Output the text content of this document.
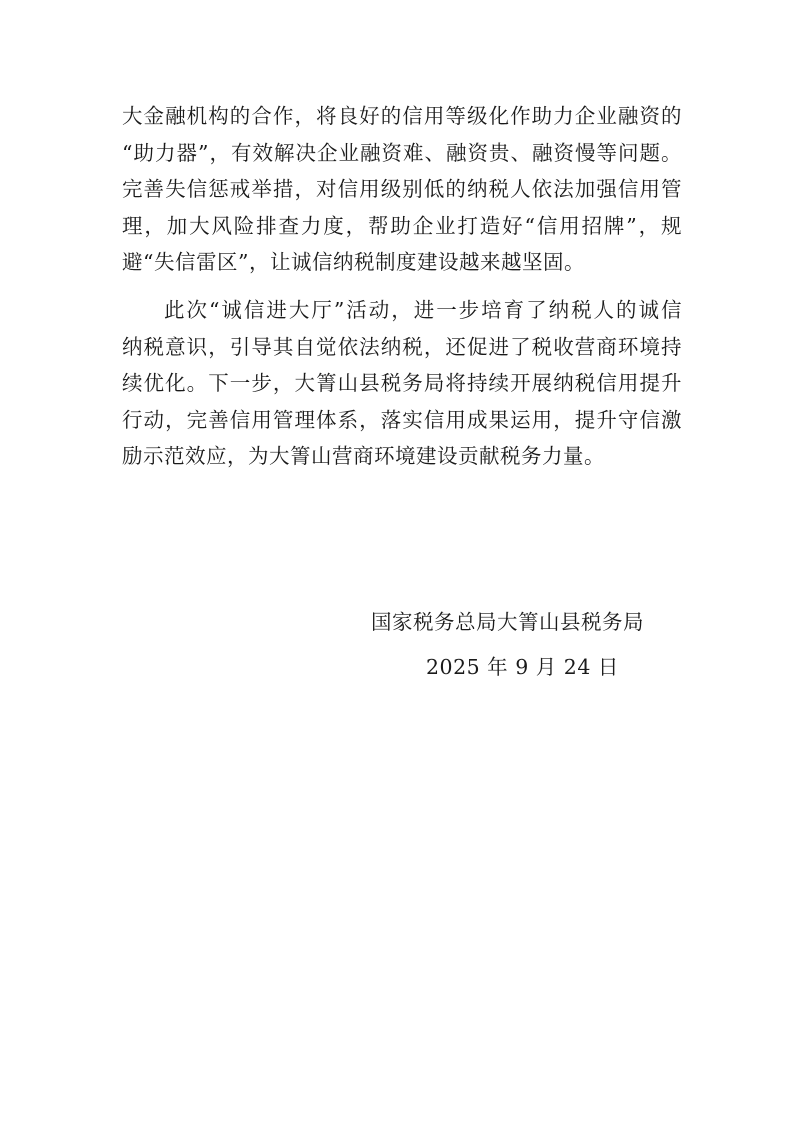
大金融机构的合作，将良好的信用等级化作助力企业融资的
“助力器”，有效解决企业融资难、融资贵、融资慢等问题。
完善失信惩戒举措，对信用级别低的纳税人依法加强信用管
理，加大风险排查力度，帮助企业打造好“信用招牌”，规
避“失信雷区”，让诚信纳税制度建设越来越坚固。
此次“诚信进大厅”活动，进一步培育了纳税人的诚信
纳税意识，引导其自觉依法纳税，还促进了税收营商环境持
续优化。下一步，大箐山县税务局将持续开展纳税信用提升
行动，完善信用管理体系，落实信用成果运用，提升守信激
励示范效应，为大箐山营商环境建设贡献税务力量。
国家税务总局大箐山县税务局
2025 年 9 月 24 日
